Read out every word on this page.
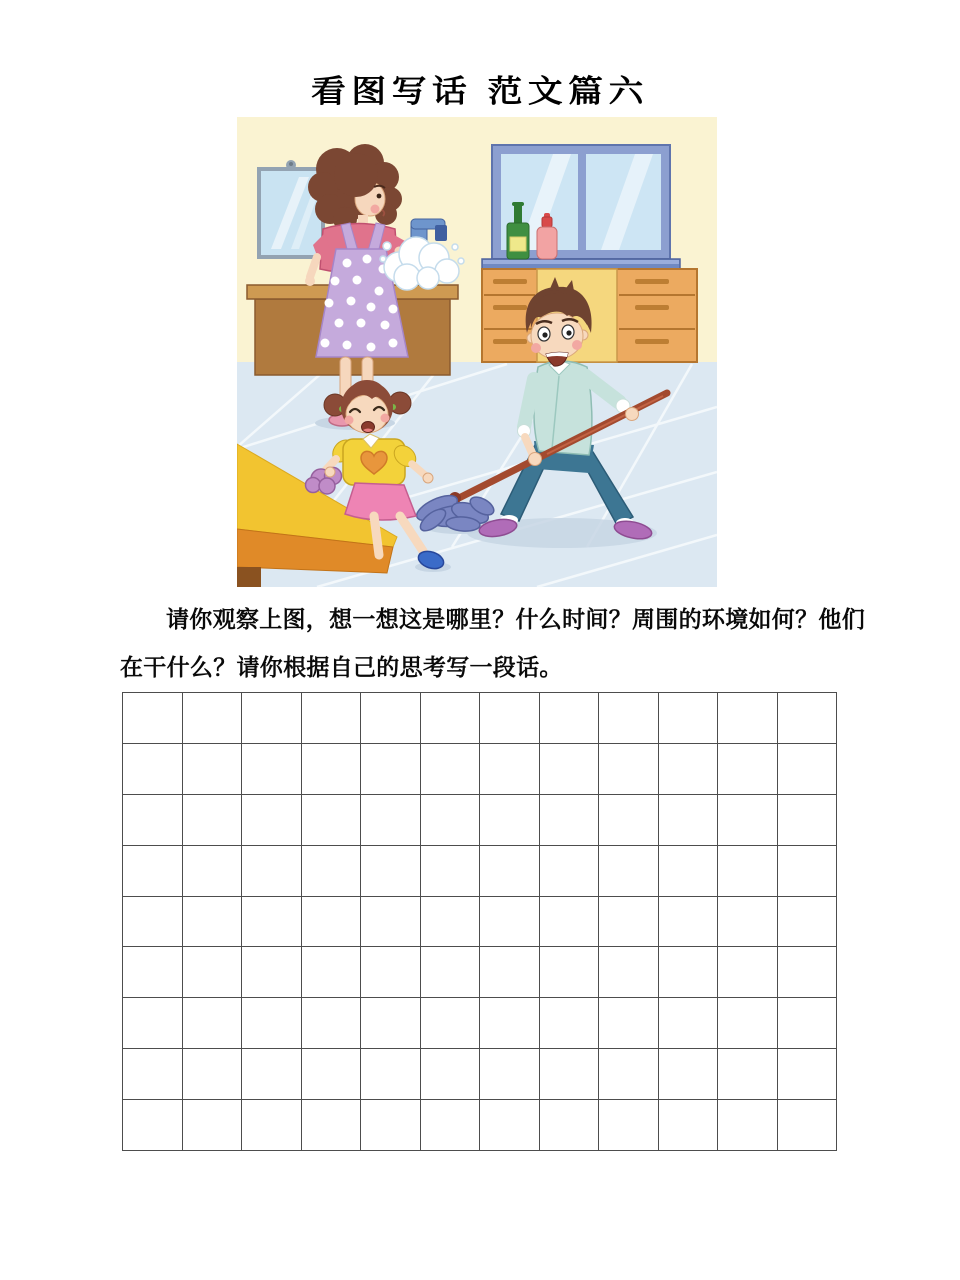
看图写话 范文篇六

请你观察上图，想一想这是哪里？什么时间？周围的环境如何？他们

在干什么？请你根据自己的思考写一段话。
